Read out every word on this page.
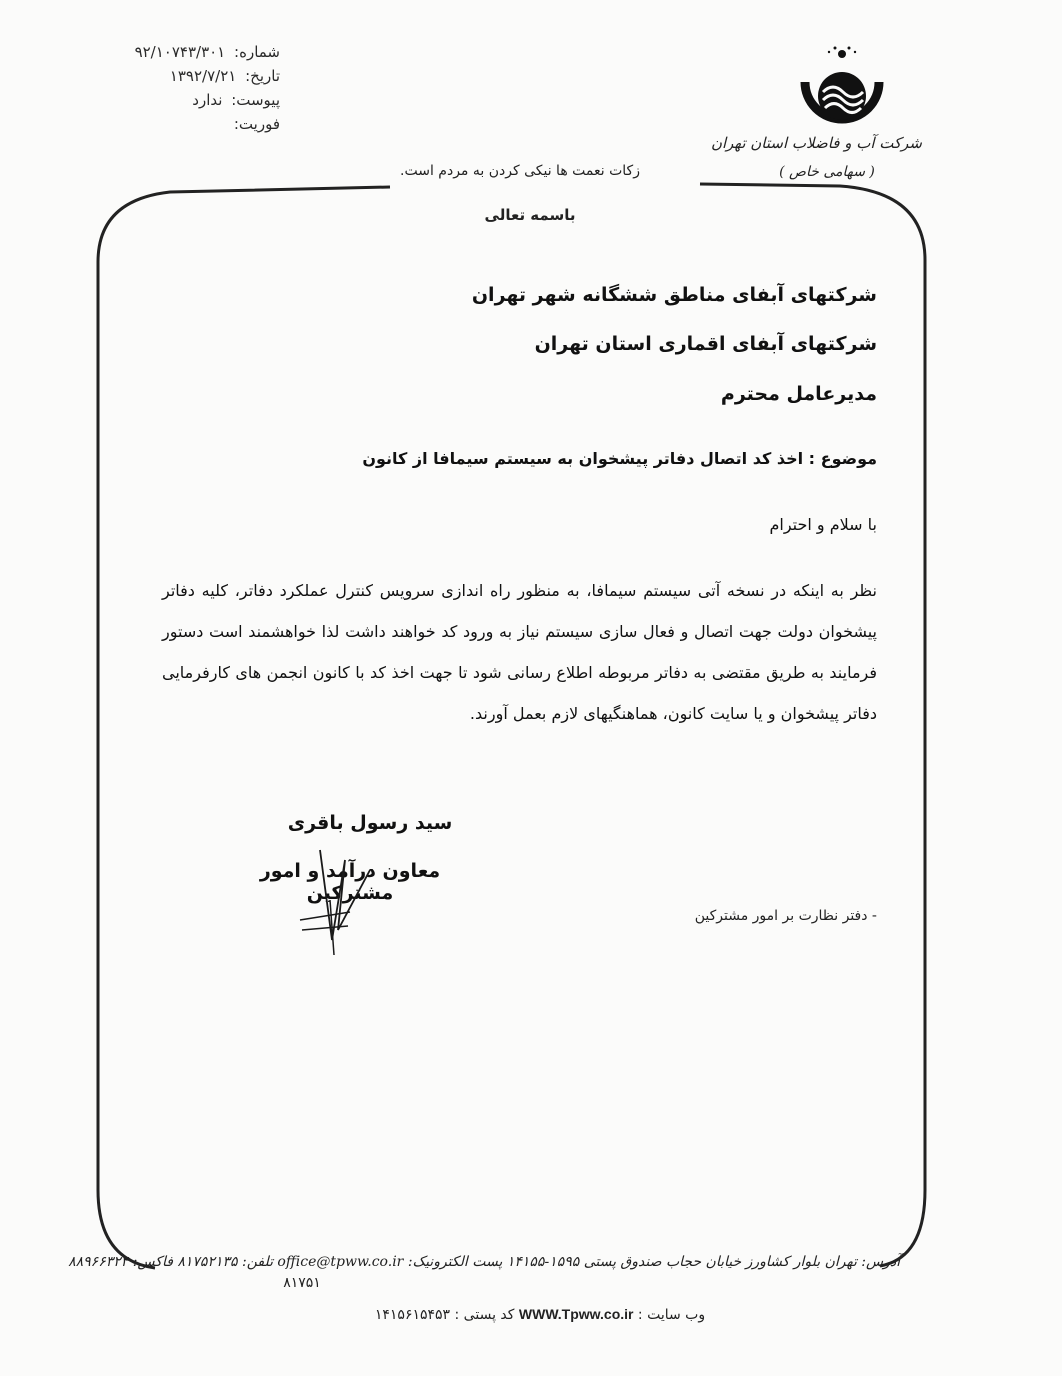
شماره: ۹۲/۱۰۷۴۳/۳۰۱
تاریخ: ۱۳۹۲/۷/۲۱
پیوست: ندارد
فوریت:
شرکت آب و فاضلاب استان تهران
( سهامی خاص )
زکات نعمت ها نیکی کردن به مردم است.
باسمه تعالی
شرکتهای آبفای مناطق ششگانه شهر تهران
شرکتهای آبفای اقماری استان تهران
مدیرعامل محترم
موضوع : اخذ کد اتصال دفاتر پیشخوان به سیستم سیمافا از کانون
با سلام و احترام
نظر به اینکه در نسخه آتی سیستم سیمافا، به منظور راه اندازی سرویس کنترل عملکرد دفاتر، کلیه دفاتر پیشخوان دولت جهت اتصال و فعال سازی سیستم نیاز به ورود کد خواهند داشت لذا خواهشمند است دستور فرمایند به طریق مقتضی به دفاتر مربوطه اطلاع رسانی شود تا جهت اخذ کد با کانون انجمن های کارفرمایی دفاتر پیشخوان و یا سایت کانون، هماهنگیهای لازم بعمل آورند.
سید رسول باقری
معاون درآمد و امور مشترکین
- دفتر نظارت بر امور مشترکین
آدرس: تهران بلوار کشاورز خیابان حجاب صندوق پستی ۱۵۹۵-۱۴۱۵۵ پست الکترونیک: office@tpww.co.ir تلفن: ۸۱۷۵۲۱۳۵ فاکس: ۸۸۹۶۶۳۲۴
۸۱۷۵۱
وب سایت : WWW.Tpww.co.ir کد پستی : ۱۴۱۵۶۱۵۴۵۳
